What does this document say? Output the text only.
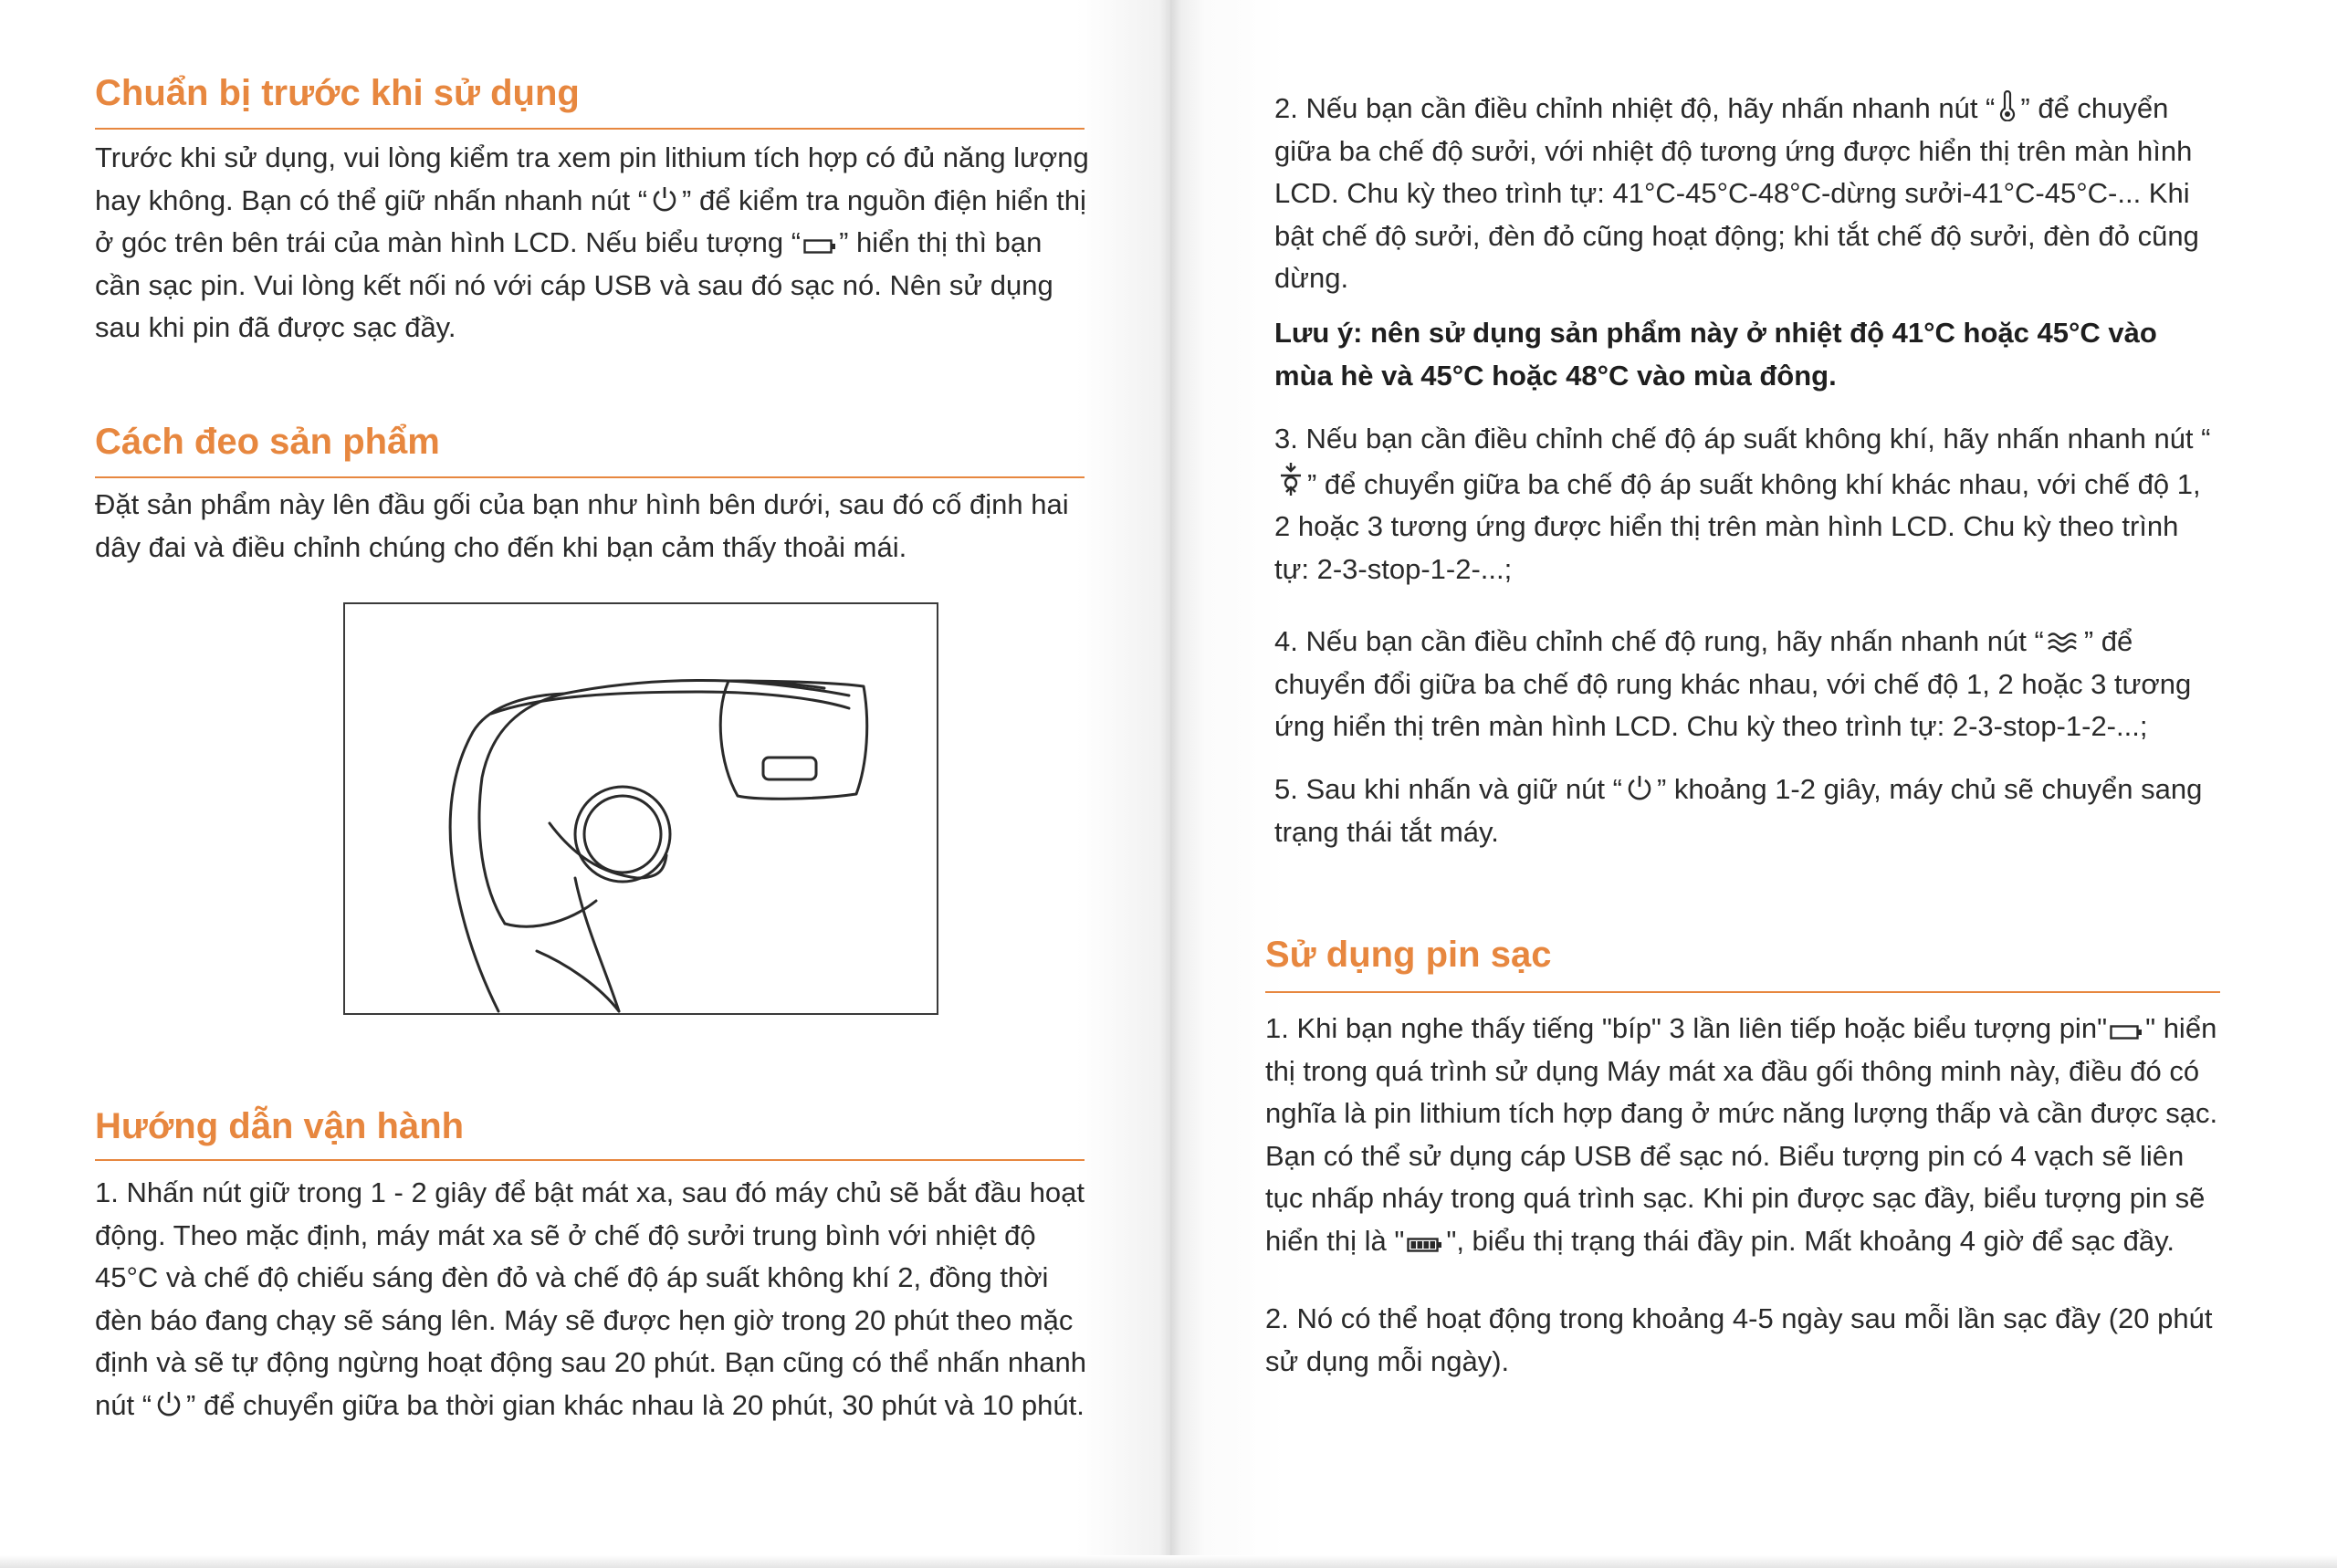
Chuẩn bị trước khi sử dụng

Trước khi sử dụng, vui lòng kiểm tra xem pin lithium tích hợp có đủ năng lượng hay không. Bạn có thể giữ nhấn nhanh nút “ ” để kiểm tra nguồn điện hiển thị ở góc trên bên trái của màn hình LCD. Nếu biểu tượng “ ” hiển thị thì bạn cần sạc pin. Vui lòng kết nối nó với cáp USB và sau đó sạc nó. Nên sử dụng sau khi pin đã được sạc đầy.

Cách đeo sản phẩm

Đặt sản phẩm này lên đầu gối của bạn như hình bên dưới, sau đó cố định hai dây đai và điều chỉnh chúng cho đến khi bạn cảm thấy thoải mái.

Hướng dẫn vận hành

1. Nhấn nút giữ trong 1 - 2 giây để bật mát xa, sau đó máy chủ sẽ bắt đầu hoạt động. Theo mặc định, máy mát xa sẽ ở chế độ sưởi trung bình với nhiệt độ 45°C và chế độ chiếu sáng đèn đỏ và chế độ áp suất không khí 2, đồng thời đèn báo đang chạy sẽ sáng lên. Máy sẽ được hẹn giờ trong 20 phút theo mặc định và sẽ tự động ngừng hoạt động sau 20 phút. Bạn cũng có thể nhấn nhanh nút “ ” để chuyển giữa ba thời gian khác nhau là 20 phút, 30 phút và 10 phút.

2. Nếu bạn cần điều chỉnh nhiệt độ, hãy nhấn nhanh nút “ ” để chuyển giữa ba chế độ sưởi, với nhiệt độ tương ứng được hiển thị trên màn hình LCD. Chu kỳ theo trình tự: 41°C-45°C-48°C-dừng sưởi-41°C-45°C-... Khi bật chế độ sưởi, đèn đỏ cũng hoạt động; khi tắt chế độ sưởi, đèn đỏ cũng dừng.

Lưu ý: nên sử dụng sản phẩm này ở nhiệt độ 41°C hoặc 45°C vào mùa hè và 45°C hoặc 48°C vào mùa đông.

3. Nếu bạn cần điều chỉnh chế độ áp suất không khí, hãy nhấn nhanh nút “
” để chuyển giữa ba chế độ áp suất không khí khác nhau, với chế độ 1, 2 hoặc 3 tương ứng được hiển thị trên màn hình LCD. Chu kỳ theo trình tự: 2-3-stop-1-2-...;

4. Nếu bạn cần điều chỉnh chế độ rung, hãy nhấn nhanh nút “ ” để chuyển đổi giữa ba chế độ rung khác nhau, với chế độ 1, 2 hoặc 3 tương ứng hiển thị trên màn hình LCD. Chu kỳ theo trình tự: 2-3-stop-1-2-...;

5. Sau khi nhấn và giữ nút “ ” khoảng 1-2 giây, máy chủ sẽ chuyển sang trạng thái tắt máy.

Sử dụng pin sạc

1. Khi bạn nghe thấy tiếng "bíp" 3 lần liên tiếp hoặc biểu tượng pin" " hiển thị trong quá trình sử dụng Máy mát xa đầu gối thông minh này, điều đó có nghĩa là pin lithium tích hợp đang ở mức năng lượng thấp và cần được sạc. Bạn có thể sử dụng cáp USB để sạc nó. Biểu tượng pin có 4 vạch sẽ liên tục nhấp nháy trong quá trình sạc. Khi pin được sạc đầy, biểu tượng pin sẽ hiển thị là " ", biểu thị trạng thái đầy pin. Mất khoảng 4 giờ để sạc đầy.

2. Nó có thể hoạt động trong khoảng 4-5 ngày sau mỗi lần sạc đầy (20 phút sử dụng mỗi ngày).
